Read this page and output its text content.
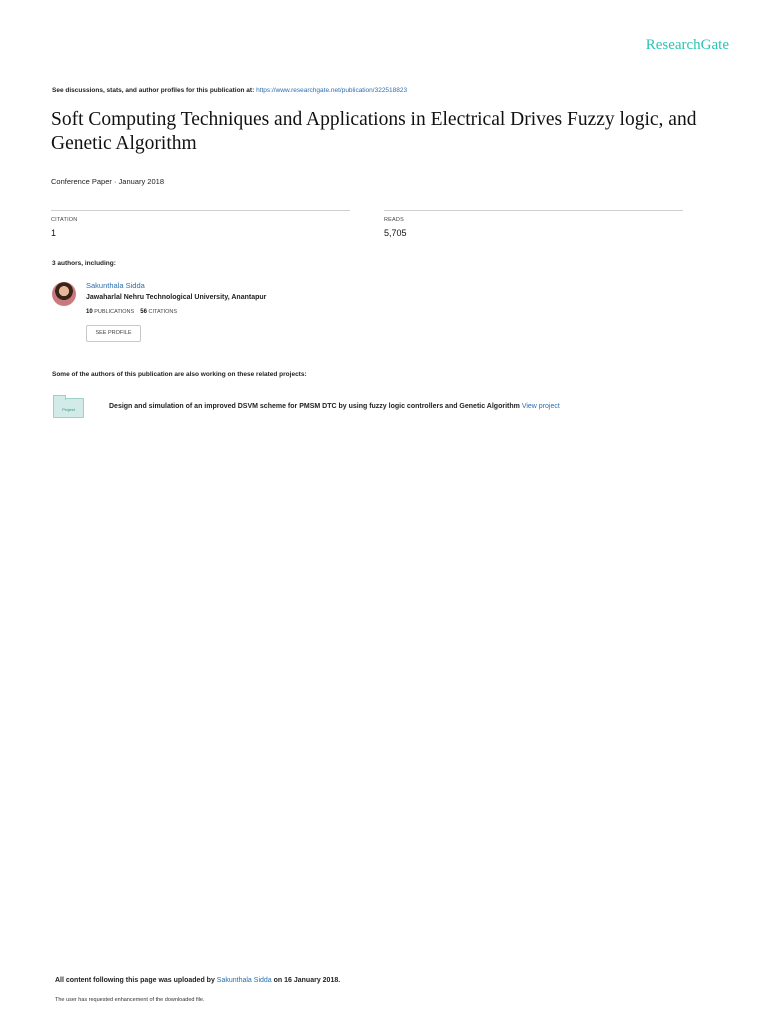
ResearchGate
See discussions, stats, and author profiles for this publication at: https://www.researchgate.net/publication/322518823
Soft Computing Techniques and Applications in Electrical Drives Fuzzy logic, and Genetic Algorithm
Conference Paper · January 2018
CITATION
1
READS
5,705
3 authors, including:
Sakunthala Sidda
Jawaharlal Nehru Technological University, Anantapur
10 PUBLICATIONS 56 CITATIONS
SEE PROFILE
Some of the authors of this publication are also working on these related projects:
Project	Design and simulation of an improved DSVM scheme for PMSM DTC by using fuzzy logic controllers and Genetic Algorithm View project
All content following this page was uploaded by Sakunthala Sidda on 16 January 2018.
The user has requested enhancement of the downloaded file.
